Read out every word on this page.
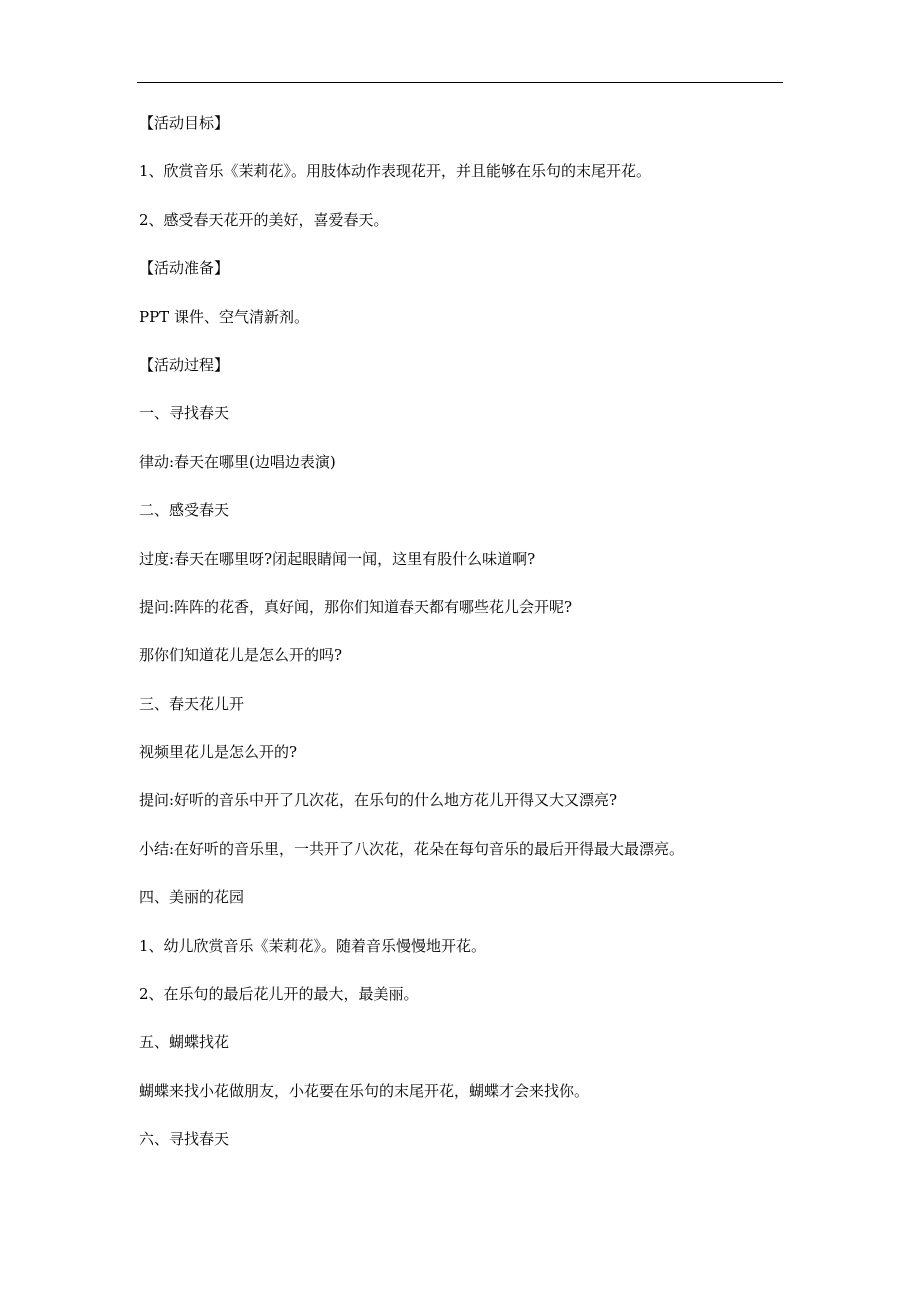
【活动目标】
1、欣赏音乐《茉莉花》。用肢体动作表现花开，并且能够在乐句的末尾开花。
2、感受春天花开的美好，喜爱春天。
【活动准备】
PPT 课件、空气清新剂。
【活动过程】
一、寻找春天
律动:春天在哪里(边唱边表演)
二、感受春天
过度:春天在哪里呀?闭起眼睛闻一闻，这里有股什么味道啊?
提问:阵阵的花香，真好闻，那你们知道春天都有哪些花儿会开呢?
那你们知道花儿是怎么开的吗?
三、春天花儿开
视频里花儿是怎么开的?
提问:好听的音乐中开了几次花，在乐句的什么地方花儿开得又大又漂亮?
小结:在好听的音乐里，一共开了八次花，花朵在每句音乐的最后开得最大最漂亮。
四、美丽的花园
1、幼儿欣赏音乐《茉莉花》。随着音乐慢慢地开花。
2、在乐句的最后花儿开的最大，最美丽。
五、蝴蝶找花
蝴蝶来找小花做朋友，小花要在乐句的末尾开花，蝴蝶才会来找你。
六、寻找春天
